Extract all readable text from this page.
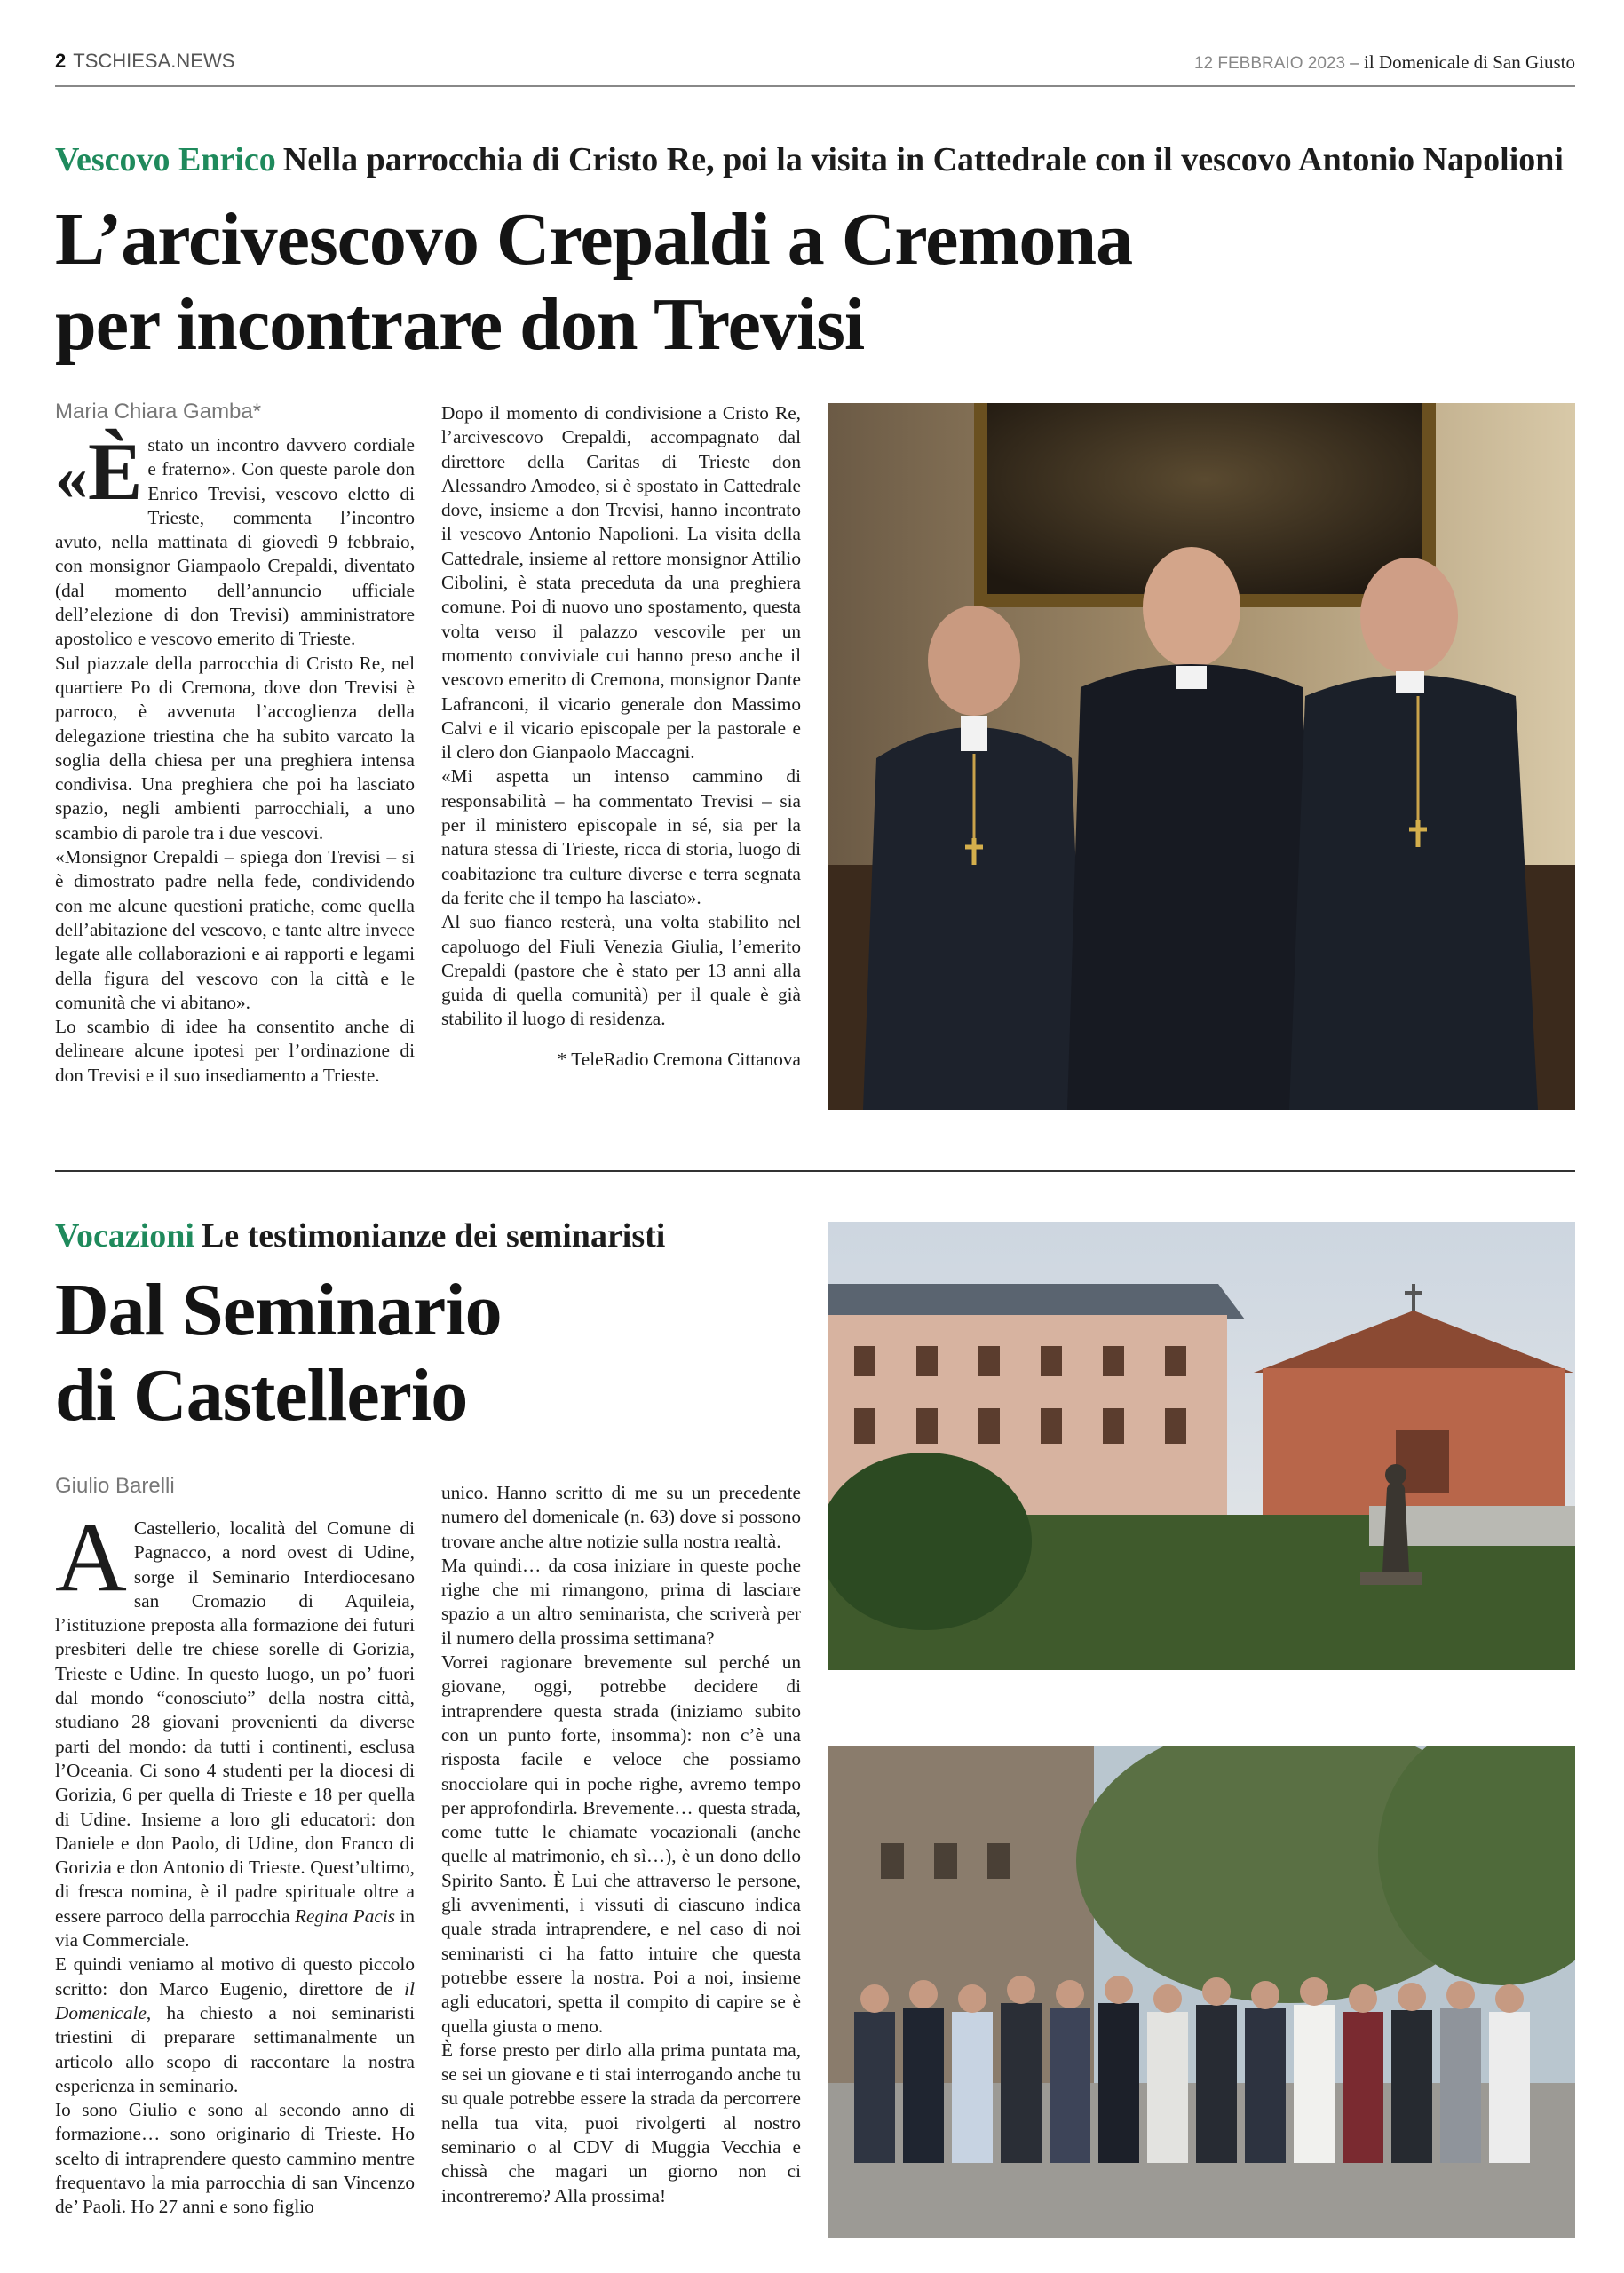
2 TSCHIESA.NEWS	12 FEBBRAIO 2023 – il Domenicale di San Giusto
Vescovo Enrico Nella parrocchia di Cristo Re, poi la visita in Cattedrale con il vescovo Antonio Napolioni
L’arcivescovo Crepaldi a Cremona
per incontrare don Trevisi
Maria Chiara Gamba*

«È stato un incontro davvero cordiale e fraterno». Con queste parole don Enrico Trevisi, vescovo eletto di Trieste, commenta l’incontro avuto, nella mattinata di giovedì 9 febbraio, con monsignor Giampaolo Crepaldi, diventato (dal momento dell’annuncio ufficiale dell’elezione di don Trevisi) amministratore apostolico e vescovo emerito di Trieste.

Sul piazzale della parrocchia di Cristo Re, nel quartiere Po di Cremona, dove don Trevisi è parroco, è avvenuta l’accoglienza della delegazione triestina che ha subito varcato la soglia della chiesa per una preghiera intensa condivisa. Una preghiera che poi ha lasciato spazio, negli ambienti parrocchiali, a uno scambio di parole tra i due vescovi.

«Monsignor Crepaldi – spiega don Trevisi – si è dimostrato padre nella fede, condividendo con me alcune questioni pratiche, come quella dell’abitazione del vescovo, e tante altre invece legate alle collaborazioni e ai rapporti e legami della figura del vescovo con la città e le comunità che vi abitano».

Lo scambio di idee ha consentito anche di delineare alcune ipotesi per l’ordinazione di don Trevisi e il suo insediamento a Trieste.

Dopo il momento di condivisione a Cristo Re, l’arcivescovo Crepaldi, accompagnato dal direttore della Caritas di Trieste don Alessandro Amodeo, si è spostato in Cattedrale dove, insieme a don Trevisi, hanno incontrato il vescovo Antonio Napolioni. La visita della Cattedrale, insieme al rettore monsignor Attilio Cibolini, è stata preceduta da una preghiera comune. Poi di nuovo uno spostamento, questa volta verso il palazzo vescovile per un momento conviviale cui hanno preso anche il vescovo emerito di Cremona, monsignor Dante Lafranconi, il vicario generale don Massimo Calvi e il vicario episcopale per la pastorale e il clero don Gianpaolo Maccagni.

«Mi aspetta un intenso cammino di responsabilità – ha commentato Trevisi – sia per il ministero episcopale in sé, sia per la natura stessa di Trieste, ricca di storia, luogo di coabitazione tra culture diverse e terra segnata da ferite che il tempo ha lasciato».

Al suo fianco resterà, una volta stabilito nel capoluogo del Fiuli Venezia Giulia, l’emerito Crepaldi (pastore che è stato per 13 anni alla guida di quella comunità) per il quale è già stabilito il luogo di residenza.

* TeleRadio Cremona Cittanova

Vocazioni Le testimonianze dei seminaristi
Dal Seminario
di Castellerio
Giulio Barelli

A Castellerio, località del Comune di Pagnacco, a nord ovest di Udine, sorge il Seminario Interdiocesano san Cromazio di Aquileia, l’istituzione preposta alla formazione dei futuri presbiteri delle tre chiese sorelle di Gorizia, Trieste e Udine. In questo luogo, un po’ fuori dal mondo “conosciuto” della nostra città, studiano 28 giovani provenienti da diverse parti del mondo: da tutti i continenti, esclusa l’Oceania. Ci sono 4 studenti per la diocesi di Gorizia, 6 per quella di Trieste e 18 per quella di Udine. Insieme a loro gli educatori: don Daniele e don Paolo, di Udine, don Franco di Gorizia e don Antonio di Trieste. Quest’ultimo, di fresca nomina, è il padre spirituale oltre a essere parroco della parrocchia Regina Pacis in via Commerciale.

E quindi veniamo al motivo di questo piccolo scritto: don Marco Eugenio, direttore de il Domenicale, ha chiesto a noi seminaristi triestini di preparare settimanalmente un articolo allo scopo di raccontare la nostra esperienza in seminario.

Io sono Giulio e sono al secondo anno di formazione… sono originario di Trieste. Ho scelto di intraprendere questo cammino mentre frequentavo la mia parrocchia di san Vincenzo de’ Paoli. Ho 27 anni e sono figlio

unico. Hanno scritto di me su un precedente numero del domenicale (n. 63) dove si possono trovare anche altre notizie sulla nostra realtà.

Ma quindi… da cosa iniziare in queste poche righe che mi rimangono, prima di lasciare spazio a un altro seminarista, che scriverà per il numero della prossima settimana?

Vorrei ragionare brevemente sul perché un giovane, oggi, potrebbe decidere di intraprendere questa strada (iniziamo subito con un punto forte, insomma): non c’è una risposta facile e veloce che possiamo snocciolare qui in poche righe, avremo tempo per approfondirla. Brevemente… questa strada, come tutte le chiamate vocazionali (anche quelle al matrimonio, eh sì…), è un dono dello Spirito Santo. È Lui che attraverso le persone, gli avvenimenti, i vissuti di ciascuno indica quale strada intraprendere, e nel caso di noi seminaristi ci ha fatto intuire che questa potrebbe essere la nostra. Poi a noi, insieme agli educatori, spetta il compito di capire se è quella giusta o meno.

È forse presto per dirlo alla prima puntata ma, se sei un giovane e ti stai interrogando anche tu su quale potrebbe essere la strada da percorrere nella tua vita, puoi rivolgerti al nostro seminario o al CDV di Muggia Vecchia e chissà che magari un giorno non ci incontreremo? Alla prossima!
